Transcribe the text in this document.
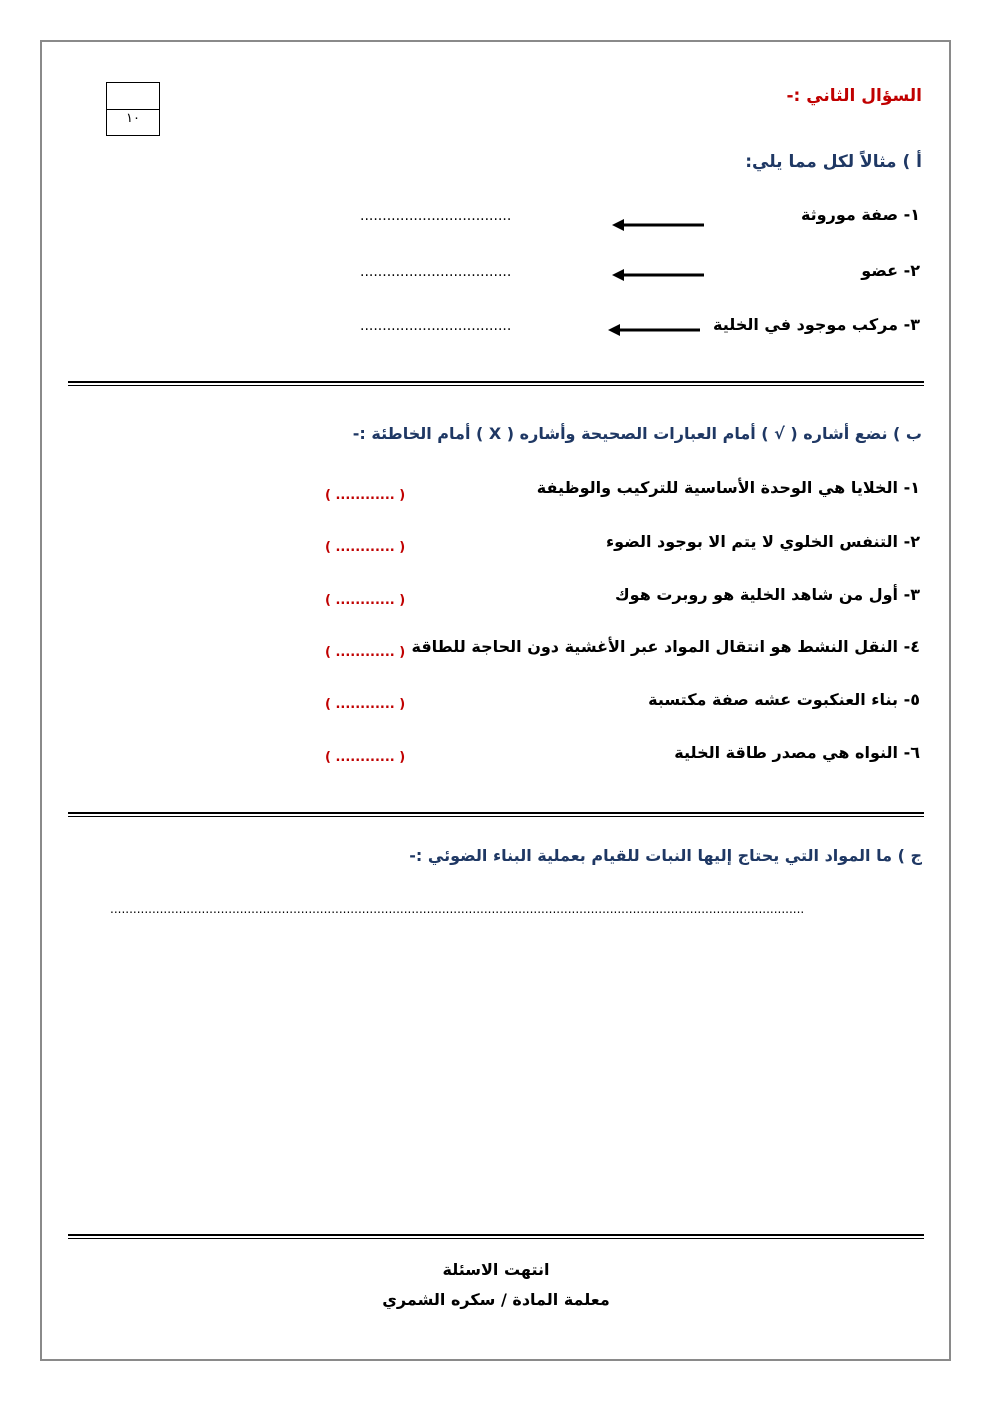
١٠
السؤال الثاني :-
أ ) مثالاً لكل مما يلي:
١- صفة موروثة
..................................
٢- عضو
..................................
٣- مركب موجود في الخلية
..................................
ب ) نضع أشاره ( √ ) أمام العبارات الصحيحة وأشاره ( X ) أمام الخاطئة :-
١- الخلايا هي الوحدة الأساسية للتركيب والوظيفة
( ............ )
٢- التنفس الخلوي لا يتم الا بوجود الضوء
( ............ )
٣- أول من شاهد الخلية هو روبرت هوك
( ............ )
٤- النقل النشط هو انتقال المواد عبر الأغشية دون الحاجة للطاقة
( ............ )
٥- بناء العنكبوت عشه صفة مكتسبة
( ............ )
٦- النواه هي مصدر طاقة الخلية
( ............ )
ج ) ما المواد التي يحتاج إليها النبات للقيام بعملية البناء الضوئي :-
......................................................................................................................................................................................
انتهت الاسئلة
معلمة المادة / سكره الشمري
